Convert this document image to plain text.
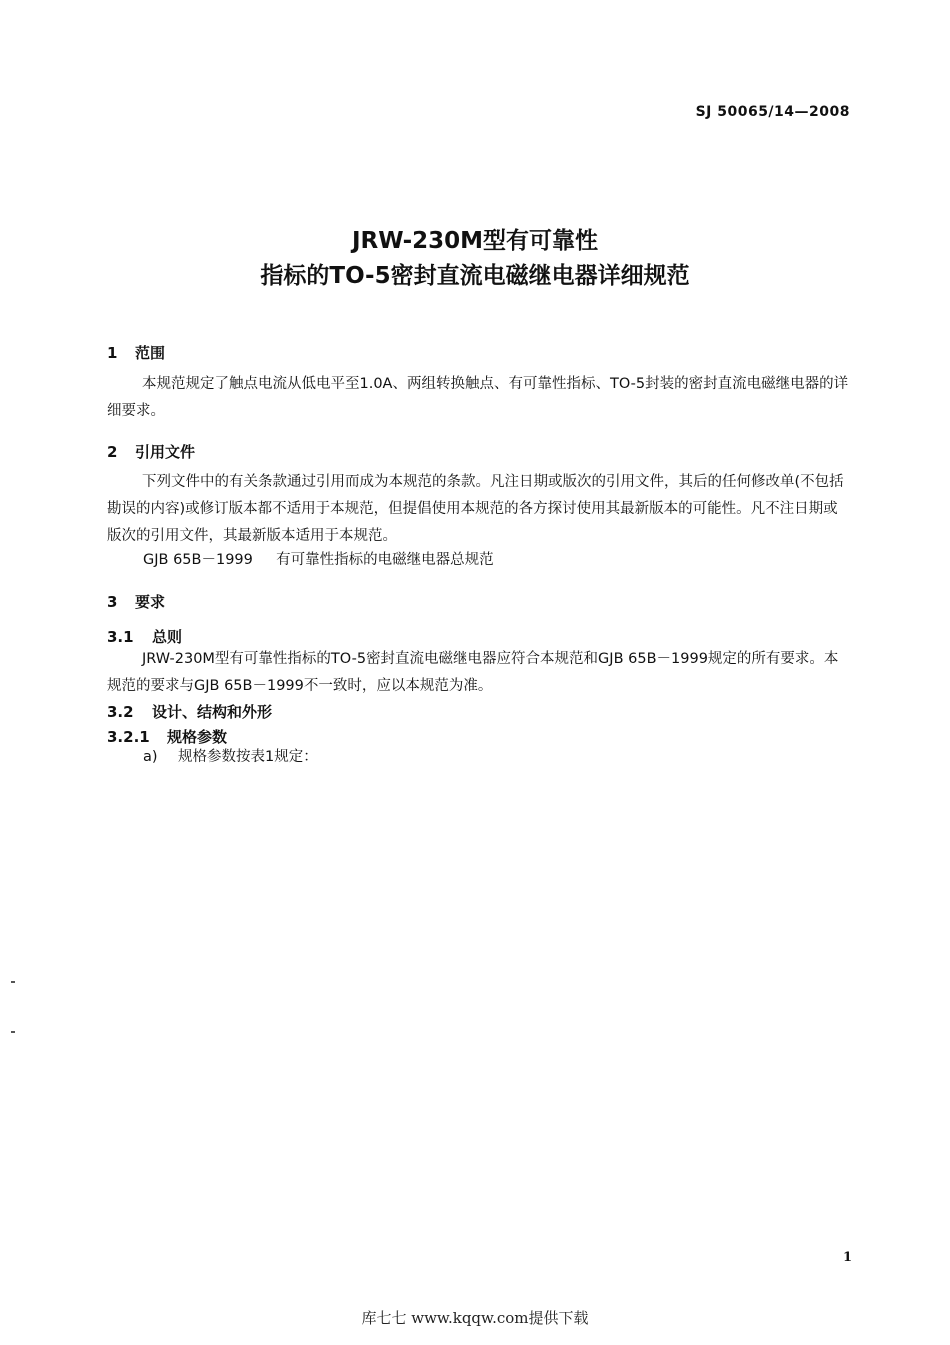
SJ 50065/14—2008
JRW-230M型有可靠性
指标的TO-5密封直流电磁继电器详细规范
1 范围

本规范规定了触点电流从低电平至1.0A、两组转换触点、有可靠性指标、TO-5封装的密封直流电磁继电器的详细要求。

2 引用文件

下列文件中的有关条款通过引用而成为本规范的条款。凡注日期或版次的引用文件，其后的任何修改单(不包括勘误的内容)或修订版本都不适用于本规范，但提倡使用本规范的各方探讨使用其最新版本的可能性。凡不注日期或版次的引用文件，其最新版本适用于本规范。

GJB 65B－1999 有可靠性指标的电磁继电器总规范
3 要求
3.1 总则

JRW-230M型有可靠性指标的TO-5密封直流电磁继电器应符合本规范和GJB 65B－1999规定的所有要求。本规范的要求与GJB 65B－1999不一致时，应以本规范为准。

3.2 设计、结构和外形
3.2.1 规格参数
a) 规格参数按表1规定：
1
库七七 www.kqqw.com提供下载
